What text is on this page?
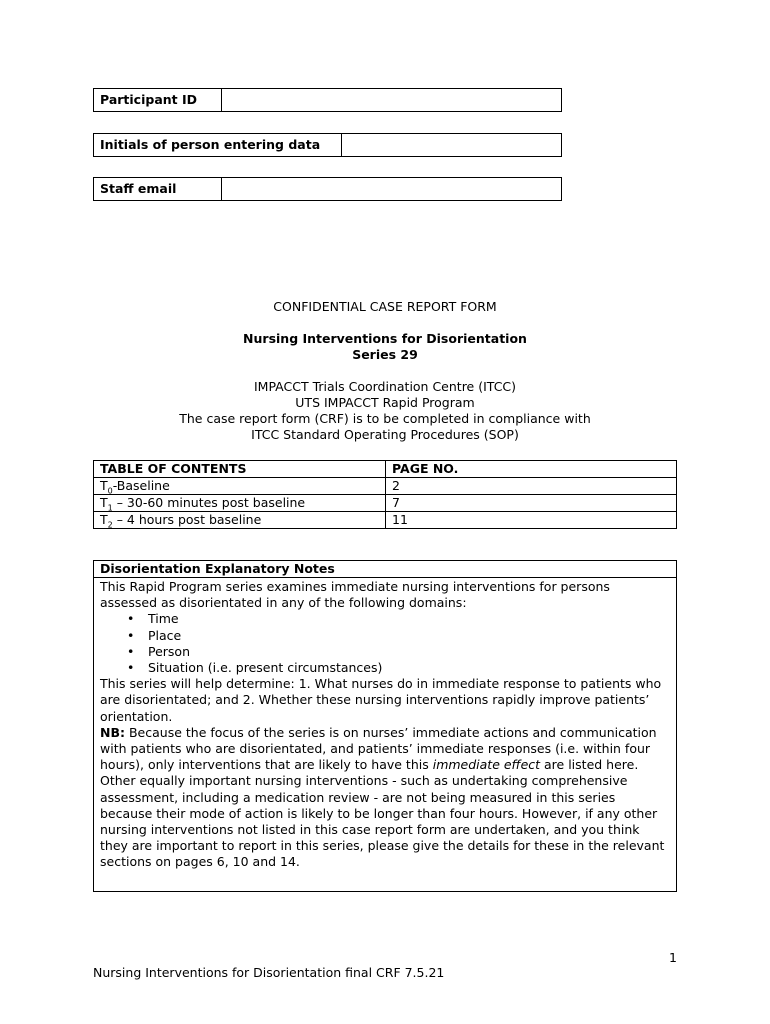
Participant ID
Initials of person entering data
Staff email

CONFIDENTIAL CASE REPORT FORM

Nursing Interventions for Disorientation

Series 29

IMPACCT Trials Coordination Centre (ITCC)

UTS IMPACCT Rapid Program

The case report form (CRF) is to be completed in compliance with

ITCC Standard Operating Procedures (SOP)

TABLE OF CONTENTS	PAGE NO.
$T_0$-Baseline	2
$T_1 - 30-60$ minutes post baseline	7
$T_2 - 4$ hours post baseline	11
Disorientation Explanatory Notes

This Rapid Program series examines immediate nursing interventions for persons assessed as disorientated in any of the following domains:

• Time
• Place
• Person
• Situation (i.e. present circumstances)

This series will help determine: 1. What nurses do in immediate response to patients who are disorientated; and 2. Whether these nursing interventions rapidly improve patients’ orientation.

NB: Because the focus of the series is on nurses’ immediate actions and communication with patients who are disorientated, and patients’ immediate responses (i.e. within four hours), only interventions that are likely to have this immediate effect are listed here. Other equally important nursing interventions - such as undertaking comprehensive assessment, including a medication review - are not being measured in this series because their mode of action is likely to be longer than four hours. However, if any other nursing interventions not listed in this case report form are undertaken, and you think they are important to report in this series, please give the details for these in the relevant sections on pages 6, 10 and 14.

1
Nursing Interventions for Disorientation final CRF 7.5.21
